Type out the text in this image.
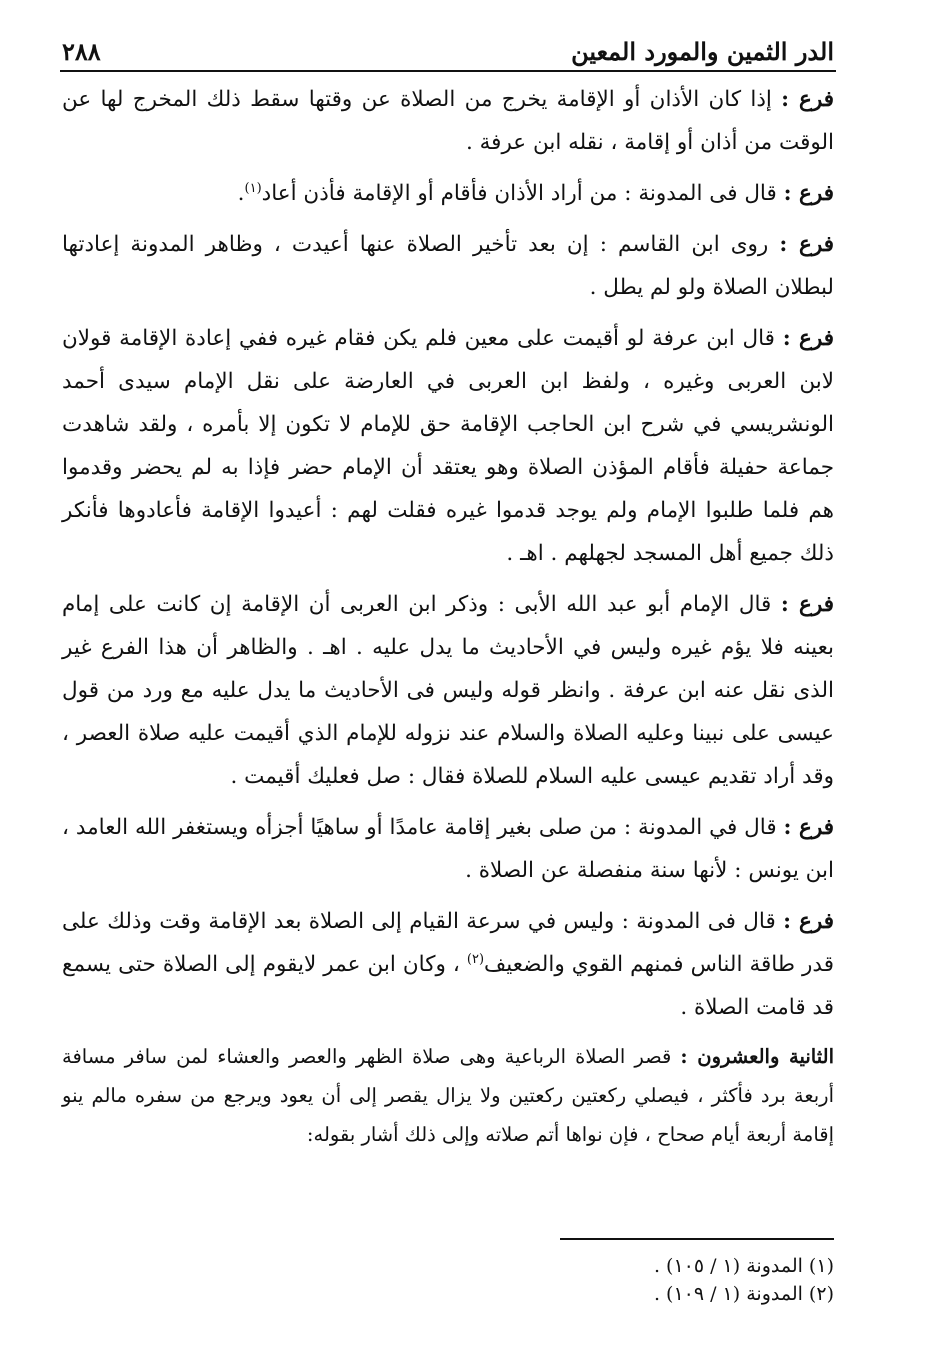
الدر الثمين والمورد المعين
٢٨٨

فرع : إذا كان الأذان أو الإقامة يخرج من الصلاة عن وقتها سقط ذلك المخرج لها عن الوقت من أذان أو إقامة ، نقله ابن عرفة .

فرع : قال فى المدونة : من أراد الأذان فأقام أو الإقامة فأذن أعاد$^{(١)}$.

فرع : روى ابن القاسم : إن بعد تأخير الصلاة عنها أعيدت ، وظاهر المدونة إعادتها لبطلان الصلاة ولو لم يطل .

فرع : قال ابن عرفة لو أقيمت على معين فلم يكن فقام غيره ففي إعادة الإقامة قولان لابن العربى وغيره ، ولفظ ابن العربى في العارضة على نقل الإمام سيدى أحمد الونشريسي في شرح ابن الحاجب الإقامة حق للإمام لا تكون إلا بأمره ، ولقد شاهدت جماعة حفيلة فأقام المؤذن الصلاة وهو يعتقد أن الإمام حضر فإذا به لم يحضر وقدموا هم فلما طلبوا الإمام ولم يوجد قدموا غيره فقلت لهم : أعيدوا الإقامة فأعادوها فأنكر ذلك جميع أهل المسجد لجهلهم . اهـ .

فرع : قال الإمام أبو عبد الله الأبى : وذكر ابن العربى أن الإقامة إن كانت على إمام بعينه فلا يؤم غيره وليس في الأحاديث ما يدل عليه . اهـ . والظاهر أن هذا الفرع غير الذى نقل عنه ابن عرفة . وانظر قوله وليس فى الأحاديث ما يدل عليه مع ورد من قول عيسى على نبينا وعليه الصلاة والسلام عند نزوله للإمام الذي أقيمت عليه صلاة العصر ، وقد أراد تقديم عيسى عليه السلام للصلاة فقال : صل فعليك أقيمت .

فرع : قال في المدونة : من صلى بغير إقامة عامدًا أو ساهيًا أجزأه ويستغفر الله العامد ، ابن يونس : لأنها سنة منفصلة عن الصلاة .

فرع : قال فى المدونة : وليس في سرعة القيام إلى الصلاة بعد الإقامة وقت وذلك على قدر طاقة الناس فمنهم القوي والضعيف$^{(٢)}$ ، وكان ابن عمر لايقوم إلى الصلاة حتى يسمع قد قامت الصلاة .

الثانية والعشرون : قصر الصلاة الرباعية وهى صلاة الظهر والعصر والعشاء لمن سافر مسافة أربعة برد فأكثر ، فيصلي ركعتين ركعتين ولا يزال يقصر إلى أن يعود ويرجع من سفره مالم ينو إقامة أربعة أيام صحاح ، فإن نواها أتم صلاته وإلى ذلك أشار بقوله:

(١) المدونة (١ / ١٠٥) .
(٢) المدونة (١ / ١٠٩) .
